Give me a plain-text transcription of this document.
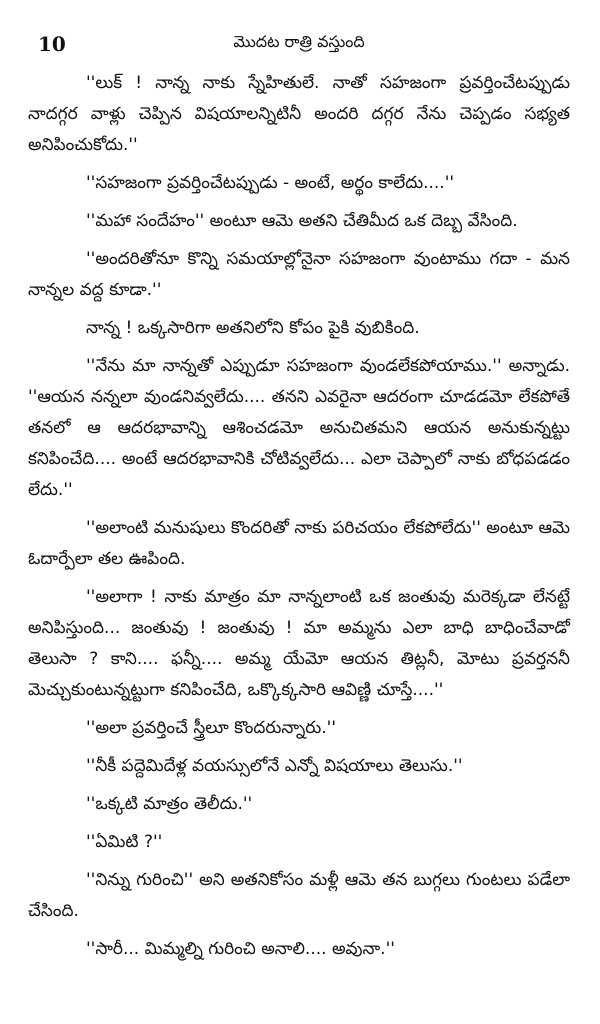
10	మొదట రాత్రి వస్తుంది

''లుక్ ! నాన్న నాకు స్నేహితులే. నాతో సహజంగా ప్రవర్తించేటప్పుడు నాదగ్గర వాళ్లు చెప్పిన విషయాలన్నిటినీ అందరి దగ్గర నేను చెప్పడం సభ్యత అనిపించుకోదు.''

''సహజంగా ప్రవర్తించేటప్పుడు - అంటే, అర్థం కాలేదు....''

''మహా సందేహం'' అంటూ ఆమె అతని చేతిమీద ఒక దెబ్బ వేసింది.

''అందరితోనూ కొన్ని సమయాల్లోనైనా సహజంగా వుంటాము గదా - మన నాన్నల వద్ద కూడా.''

నాన్న ! ఒక్కసారిగా అతనిలోని కోపం పైకి వుబికింది.

''నేను మా నాన్నతో ఎప్పుడూ సహజంగా వుండలేకపోయాము.'' అన్నాడు. ''ఆయన నన్నలా వుండనివ్వలేదు.... తనని ఎవరైనా ఆదరంగా చూడడమో లేకపోతే తనలో ఆ ఆదరభావాన్ని ఆశించడమో అనుచితమని ఆయన అనుకున్నట్టు కనిపించేది.... అంటే ఆదరభావానికి చోటివ్వలేదు... ఎలా చెప్పాలో నాకు బోధపడడం లేదు.''

''అలాంటి మనుషులు కొందరితో నాకు పరిచయం లేకపోలేదు'' అంటూ ఆమె ఓదార్పేలా తల ఊపింది.

''అలాగా ! నాకు మాత్రం మా నాన్నలాంటి ఒక జంతువు మరెక్కడా లేనట్టే అనిపిస్తుంది... జంతువు ! జంతువు ! మా అమ్మను ఎలా బాధి బాధించేవాడో తెలుసా ? కాని.... ఫన్నీ.... అమ్మ యేమో ఆయన తిట్లనీ, మోటు ప్రవర్తననీ మెచ్చుకుంటున్నట్టుగా కనిపించేది, ఒక్కొక్కసారి ఆవిణ్ణి చూస్తే....''

''అలా ప్రవర్తించే స్త్రీలూ కొందరున్నారు.''

''నీకీ పద్దెమిదేళ్ల వయస్సులోనే ఎన్నో విషయాలు తెలుసు.''

''ఒక్కటి మాత్రం తెలీదు.''

''ఏమిటి ?''

''నిన్ను గురించి'' అని అతనికోసం మళ్లీ ఆమె తన బుగ్గలు గుంటలు పడేలా చేసింది.

''సారీ... మిమ్మల్ని గురించి అనాలి.... అవునా.''
